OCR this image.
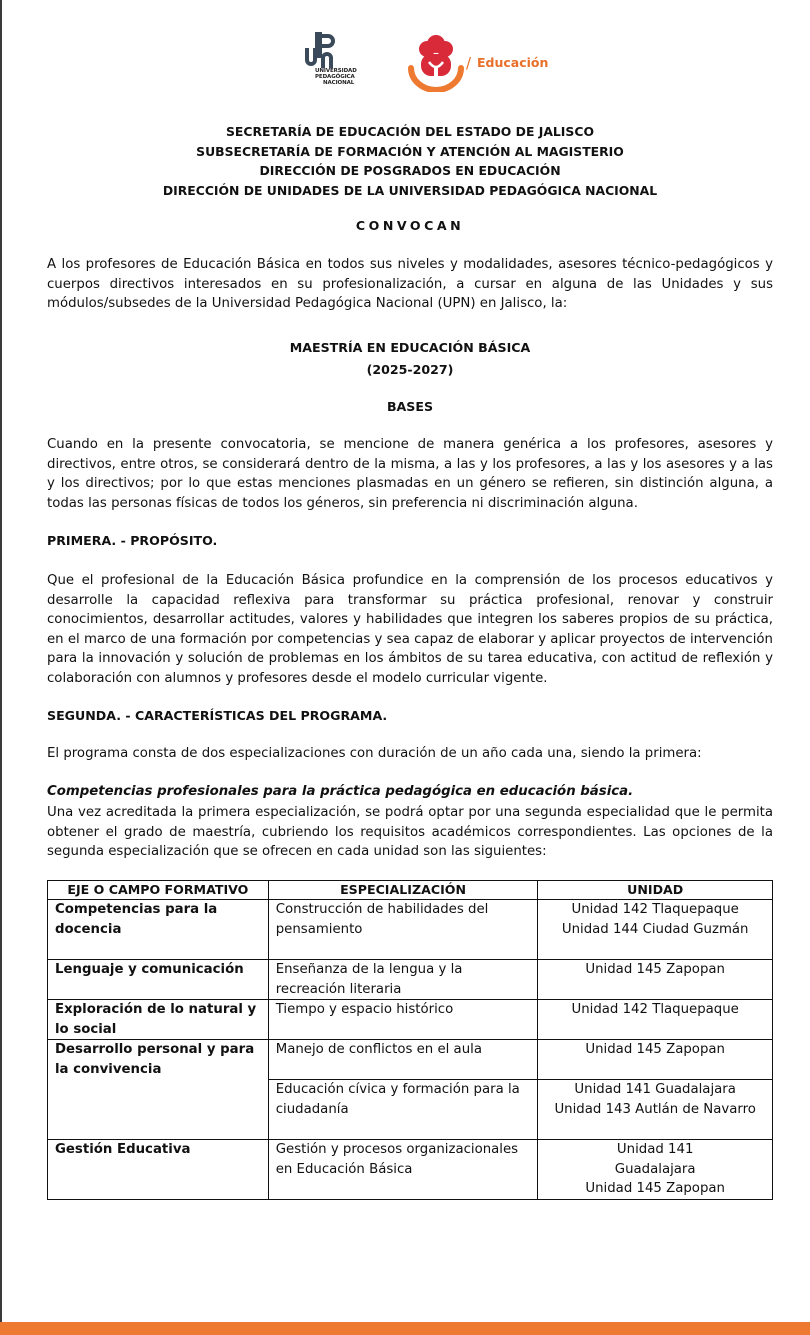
UNIVERSIDAD
PEDAGÓGICA
NACIONAL
/ Educación
SECRETARÍA DE EDUCACIÓN DEL ESTADO DE JALISCO
SUBSECRETARÍA DE FORMACIÓN Y ATENCIÓN AL MAGISTERIO
DIRECCIÓN DE POSGRADOS EN EDUCACIÓN
DIRECCIÓN DE UNIDADES DE LA UNIVERSIDAD PEDAGÓGICA NACIONAL
CONVOCAN

A los profesores de Educación Básica en todos sus niveles y modalidades, asesores técnico-pedagógicos y cuerpos directivos interesados en su profesionalización, a cursar en alguna de las Unidades y sus módulos/subsedes de la Universidad Pedagógica Nacional (UPN) en Jalisco, la:

MAESTRÍA EN EDUCACIÓN BÁSICA
(2025-2027)
BASES

Cuando en la presente convocatoria, se mencione de manera genérica a los profesores, asesores y directivos, entre otros, se considerará dentro de la misma, a las y los profesores, a las y los asesores y a las y los directivos; por lo que estas menciones plasmadas en un género se refieren, sin distinción alguna, a todas las personas físicas de todos los géneros, sin preferencia ni discriminación alguna.

PRIMERA. - PROPÓSITO.

Que el profesional de la Educación Básica profundice en la comprensión de los procesos educativos y desarrolle la capacidad reflexiva para transformar su práctica profesional, renovar y construir conocimientos, desarrollar actitudes, valores y habilidades que integren los saberes propios de su práctica, en el marco de una formación por competencias y sea capaz de elaborar y aplicar proyectos de intervención para la innovación y solución de problemas en los ámbitos de su tarea educativa, con actitud de reflexión y colaboración con alumnos y profesores desde el modelo curricular vigente.

SEGUNDA. - CARACTERÍSTICAS DEL PROGRAMA.

El programa consta de dos especializaciones con duración de un año cada una, siendo la primera:

Competencias profesionales para la práctica pedagógica en educación básica.

Una vez acreditada la primera especialización, se podrá optar por una segunda especialidad que le permita obtener el grado de maestría, cubriendo los requisitos académicos correspondientes. Las opciones de la segunda especialización que se ofrecen en cada unidad son las siguientes:

EJE O CAMPO FORMATIVO	ESPECIALIZACIÓN	UNIDAD
Competencias para la docencia	Construcción de habilidades del pensamiento	Unidad 142 Tlaquepaque
Unidad 144 Ciudad Guzmán

Lenguaje y comunicación	Enseñanza de la lengua y la recreación literaria	Unidad 145 Zapopan

Exploración de lo natural y lo social	Tiempo y espacio histórico	Unidad 142 Tlaquepaque

Desarrollo personal y para la convivencia	Manejo de conflictos en el aula	Unidad 145 Zapopan

	Educación cívica y formación para la ciudadanía	Unidad 141 Guadalajara
Unidad 143 Autlán de Navarro

Gestión Educativa	Gestión y procesos organizacionales en Educación Básica	Unidad 141
Guadalajara
Unidad 145 Zapopan
